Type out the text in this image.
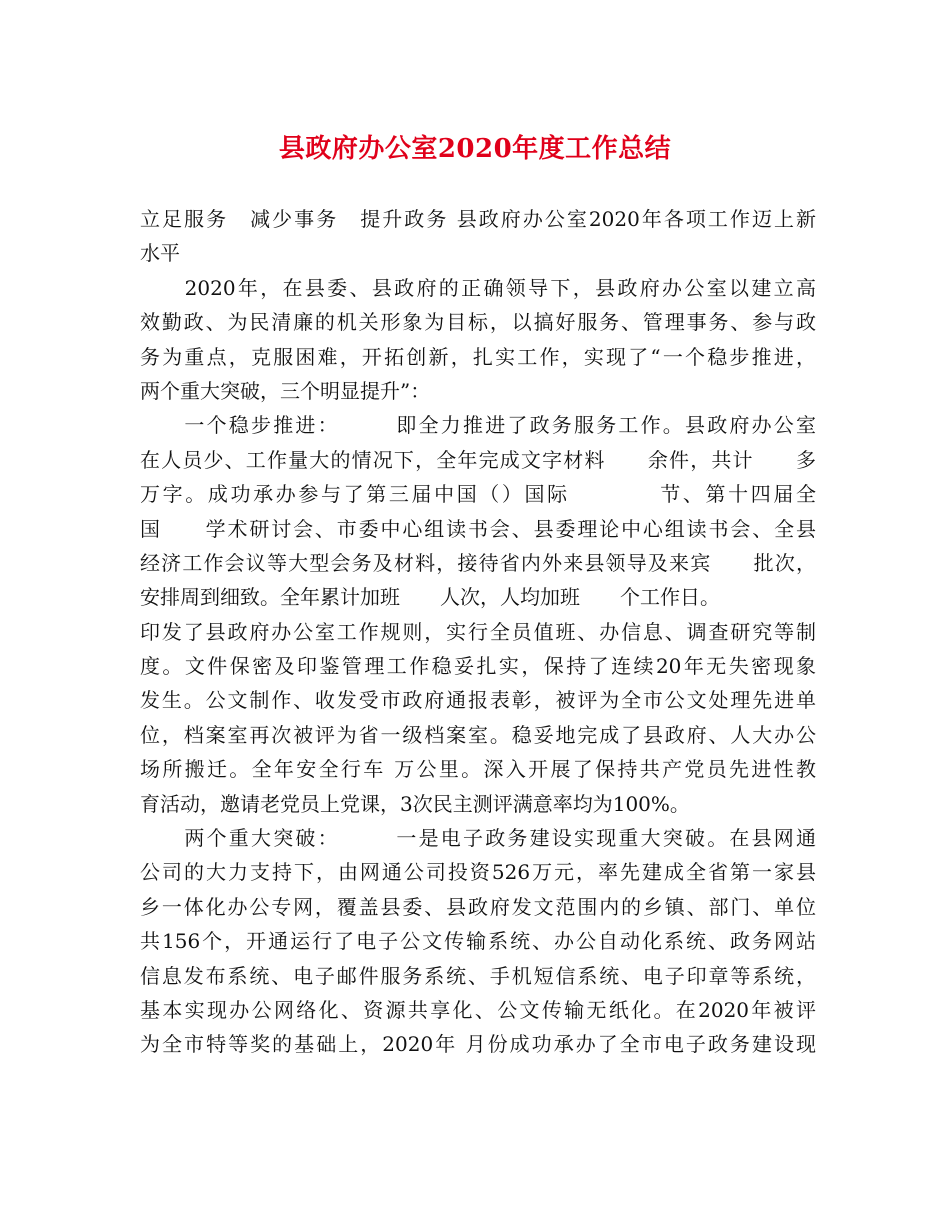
县政府办公室2020年度工作总结
立足服务　减少事务　提升政务 县政府办公室2020年各项工作迈上新
水平
　　2020年，在县委、县政府的正确领导下，县政府办公室以建立高
效勤政、为民清廉的机关形象为目标，以搞好服务、管理事务、参与政
务为重点，克服困难，开拓创新，扎实工作，实现了“一个稳步推进，
两个重大突破，三个明显提升”：
　　一个稳步推进：　　　即全力推进了政务服务工作。县政府办公室
在人员少、工作量大的情况下，全年完成文字材料　　余件，共计　　多
万字。成功承办参与了第三届中国（）国际　　　　节、第十四届全
国　　学术研讨会、市委中心组读书会、县委理论中心组读书会、全县
经济工作会议等大型会务及材料，接待省内外来县领导及来宾　　批次，
安排周到细致。全年累计加班　　人次，人均加班　　个工作日。
印发了县政府办公室工作规则，实行全员值班、办信息、调查研究等制
度。文件保密及印鉴管理工作稳妥扎实，保持了连续20年无失密现象
发生。公文制作、收发受市政府通报表彰，被评为全市公文处理先进单
位，档案室再次被评为省一级档案室。稳妥地完成了县政府、人大办公
场所搬迁。全年安全行车 万公里。深入开展了保持共产党员先进性教
育活动，邀请老党员上党课，3次民主测评满意率均为100%。
　　两个重大突破：　　　一是电子政务建设实现重大突破。在县网通
公司的大力支持下，由网通公司投资526万元，率先建成全省第一家县
乡一体化办公专网，覆盖县委、县政府发文范围内的乡镇、部门、单位
共156个，开通运行了电子公文传输系统、办公自动化系统、政务网站
信息发布系统、电子邮件服务系统、手机短信系统、电子印章等系统，
基本实现办公网络化、资源共享化、公文传输无纸化。在2020年被评
为全市特等奖的基础上，2020年 月份成功承办了全市电子政务建设现
